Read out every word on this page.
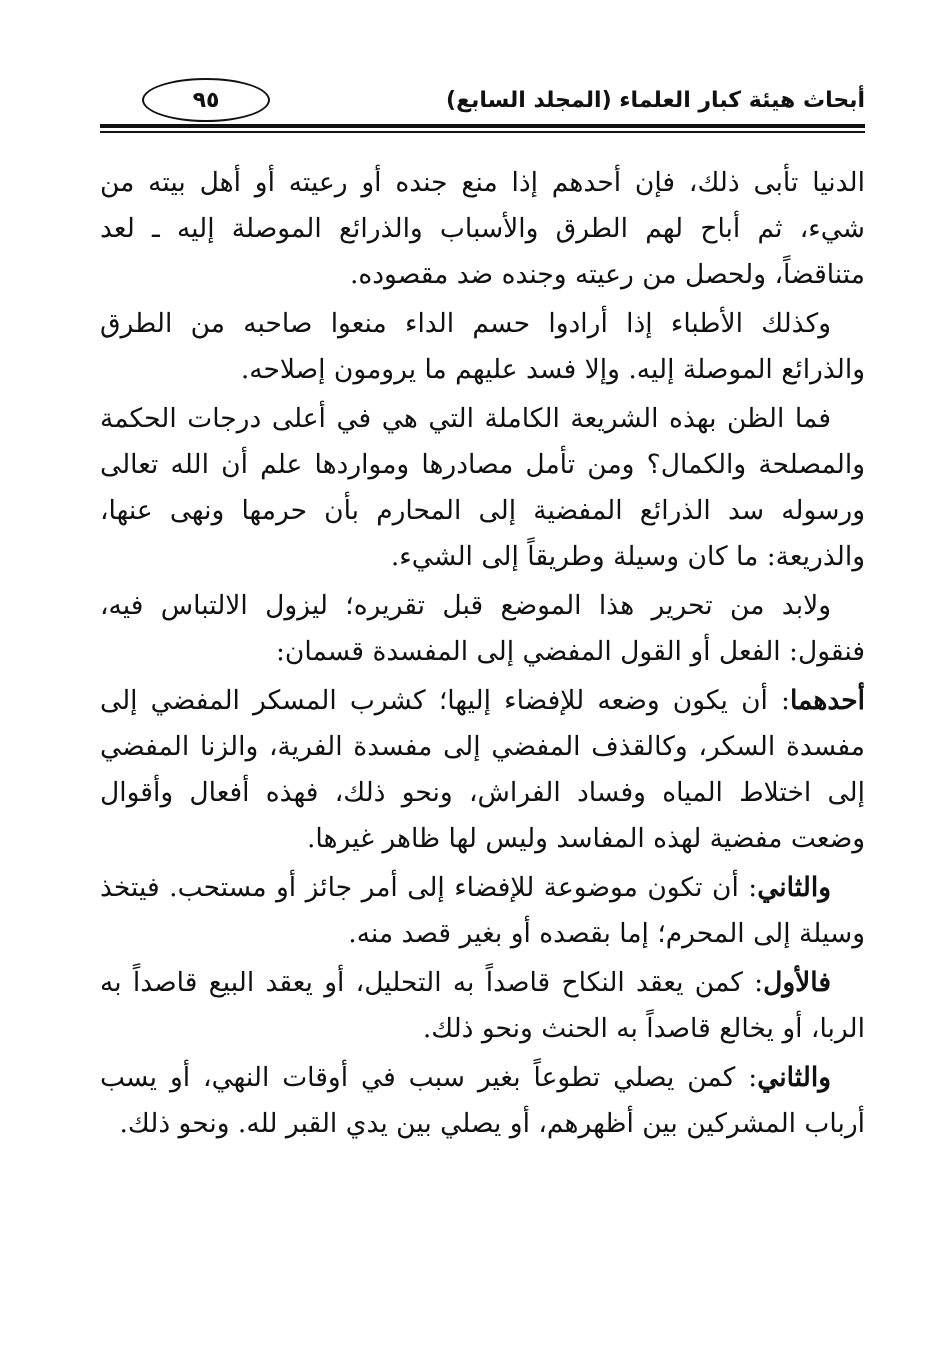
أبحاث هيئة كبار العلماء (المجلد السابع)
٩٥

الدنيا تأبى ذلك، فإن أحدهم إذا منع جنده أو رعيته أو أهل بيته من شيء، ثم أباح لهم الطرق والأسباب والذرائع الموصلة إليه ـ لعد متناقضاً، ولحصل من رعيته وجنده ضد مقصوده.

وكذلك الأطباء إذا أرادوا حسم الداء منعوا صاحبه من الطرق والذرائع الموصلة إليه. وإلا فسد عليهم ما يرومون إصلاحه.

فما الظن بهذه الشريعة الكاملة التي هي في أعلى درجات الحكمة والمصلحة والكمال؟ ومن تأمل مصادرها ومواردها علم أن الله تعالى ورسوله سد الذرائع المفضية إلى المحارم بأن حرمها ونهى عنها، والذريعة: ما كان وسيلة وطريقاً إلى الشيء.

ولابد من تحرير هذا الموضع قبل تقريره؛ ليزول الالتباس فيه، فنقول: الفعل أو القول المفضي إلى المفسدة قسمان:

أحدهما: أن يكون وضعه للإفضاء إليها؛ كشرب المسكر المفضي إلى مفسدة السكر، وكالقذف المفضي إلى مفسدة الفرية، والزنا المفضي إلى اختلاط المياه وفساد الفراش، ونحو ذلك، فهذه أفعال وأقوال وضعت مفضية لهذه المفاسد وليس لها ظاهر غيرها.

والثاني: أن تكون موضوعة للإفضاء إلى أمر جائز أو مستحب. فيتخذ وسيلة إلى المحرم؛ إما بقصده أو بغير قصد منه.

فالأول: كمن يعقد النكاح قاصداً به التحليل، أو يعقد البيع قاصداً به الربا، أو يخالع قاصداً به الحنث ونحو ذلك.

والثاني: كمن يصلي تطوعاً بغير سبب في أوقات النهي، أو يسب أرباب المشركين بين أظهرهم، أو يصلي بين يدي القبر لله. ونحو ذلك.
